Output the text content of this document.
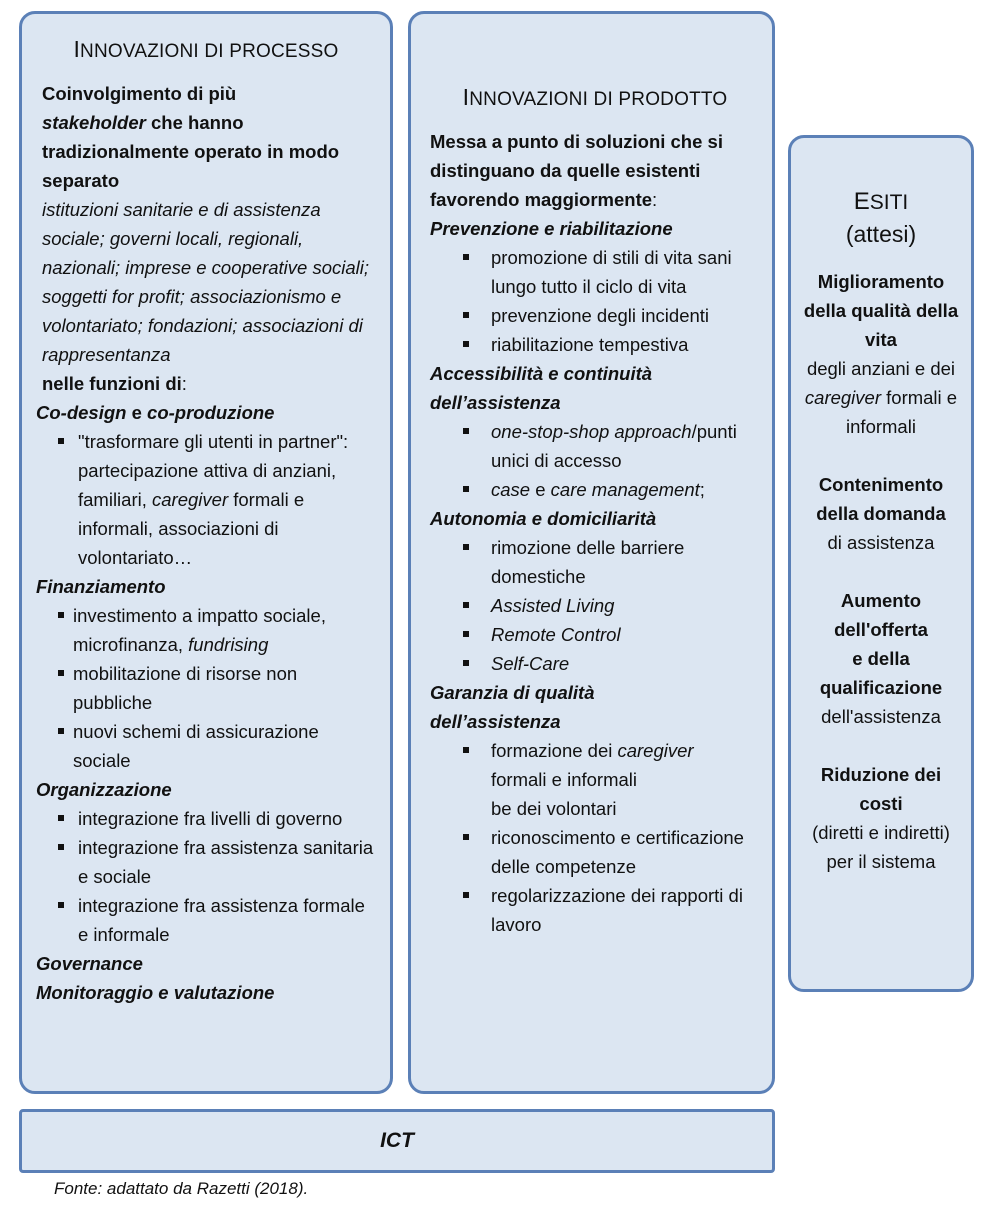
INNOVAZIONI DI PROCESSO

Coinvolgimento di più stakeholder che hanno tradizionalmente operato in modo separato

istituzioni sanitarie e di assistenza sociale; governi locali, regionali, nazionali; imprese e cooperative sociali; soggetti for profit; associazionismo e volontariato; fondazioni; associazioni di rappresentanza

nelle funzioni di:

Co-design e co-produzione

"trasformare gli utenti in partner": partecipazione attiva di anziani, familiari, caregiver formali e informali, associazioni di volontariato…

Finanziamento

investimento a impatto sociale, microfinanza, fundrising
mobilitazione di risorse non pubbliche
nuovi schemi di assicurazione sociale

Organizzazione

integrazione fra livelli di governo
integrazione fra assistenza sanitaria e sociale
integrazione fra assistenza formale e informale

Governance

Monitoraggio e valutazione

INNOVAZIONI DI PRODOTTO

Messa a punto di soluzioni che si distinguano da quelle esistenti favorendo maggiormente:

Prevenzione e riabilitazione

promozione di stili di vita sani lungo tutto il ciclo di vita
prevenzione degli incidenti
riabilitazione tempestiva

Accessibilità e continuità dell’assistenza

one-stop-shop approach/punti unici di accesso
case e care management;

Autonomia e domiciliarità

rimozione delle barriere domestiche
Assisted Living
Remote Control
Self-Care

Garanzia di qualità dell’assistenza

formazione dei caregiver
formali e informali
be dei volontari
riconoscimento e certificazione delle competenze
regolarizzazione dei rapporti di lavoro

ESITI

(attesi)

Miglioramento della qualità della vita
degli anziani e dei caregiver formali e informali

Contenimento della domanda
di assistenza

Aumento dell'offerta
e della qualificazione
dell'assistenza

Riduzione dei costi
(diretti e indiretti)
per il sistema

ICT
Fonte: adattato da Razetti (2018).
